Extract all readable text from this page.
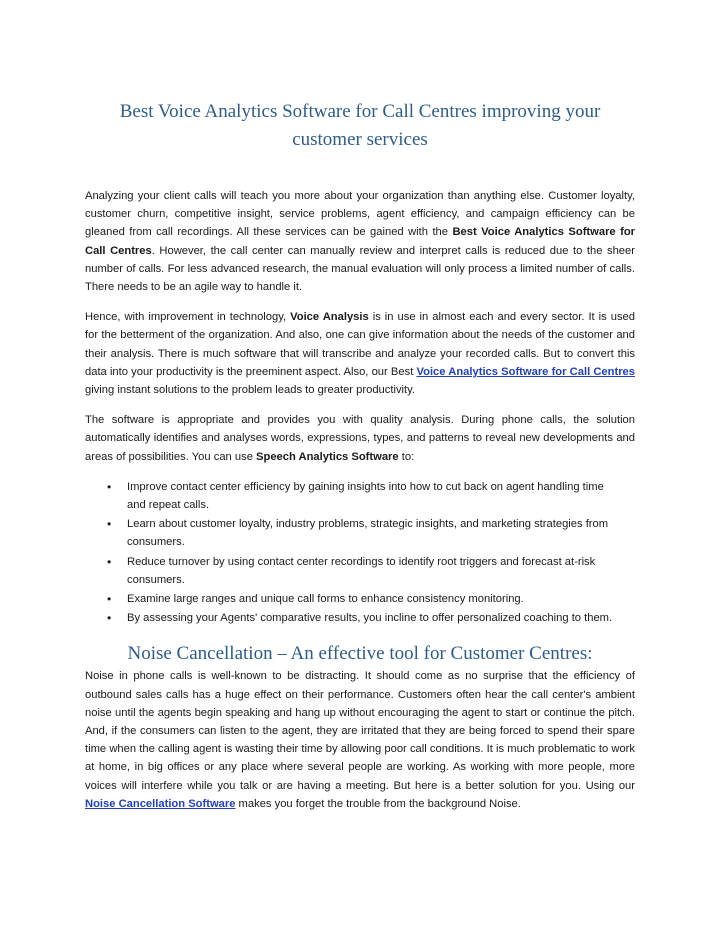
Best Voice Analytics Software for Call Centres improving your
customer services

Analyzing your client calls will teach you more about your organization than anything else. Customer loyalty, customer churn, competitive insight, service problems, agent efficiency, and campaign efficiency can be gleaned from call recordings. All these services can be gained with the Best Voice Analytics Software for Call Centres. However, the call center can manually review and interpret calls is reduced due to the sheer number of calls. For less advanced research, the manual evaluation will only process a limited number of calls. There needs to be an agile way to handle it.

Hence, with improvement in technology, Voice Analysis is in use in almost each and every sector. It is used for the betterment of the organization. And also, one can give information about the needs of the customer and their analysis. There is much software that will transcribe and analyze your recorded calls. But to convert this data into your productivity is the preeminent aspect. Also, our Best Voice Analytics Software for Call Centres giving instant solutions to the problem leads to greater productivity.

The software is appropriate and provides you with quality analysis. During phone calls, the solution automatically identifies and analyses words, expressions, types, and patterns to reveal new developments and areas of possibilities. You can use Speech Analytics Software to:

• Improve contact center efficiency by gaining insights into how to cut back on agent handling time and repeat calls.
• Learn about customer loyalty, industry problems, strategic insights, and marketing strategies from consumers.
• Reduce turnover by using contact center recordings to identify root triggers and forecast at-risk consumers.
• Examine large ranges and unique call forms to enhance consistency monitoring.
• By assessing your Agents' comparative results, you incline to offer personalized coaching to them.
Noise Cancellation – An effective tool for Customer Centres:

Noise in phone calls is well-known to be distracting. It should come as no surprise that the efficiency of outbound sales calls has a huge effect on their performance. Customers often hear the call center's ambient noise until the agents begin speaking and hang up without encouraging the agent to start or continue the pitch. And, if the consumers can listen to the agent, they are irritated that they are being forced to spend their spare time when the calling agent is wasting their time by allowing poor call conditions. It is much problematic to work at home, in big offices or any place where several people are working. As working with more people, more voices will interfere while you talk or are having a meeting. But here is a better solution for you. Using our Noise Cancellation Software makes you forget the trouble from the background Noise.
